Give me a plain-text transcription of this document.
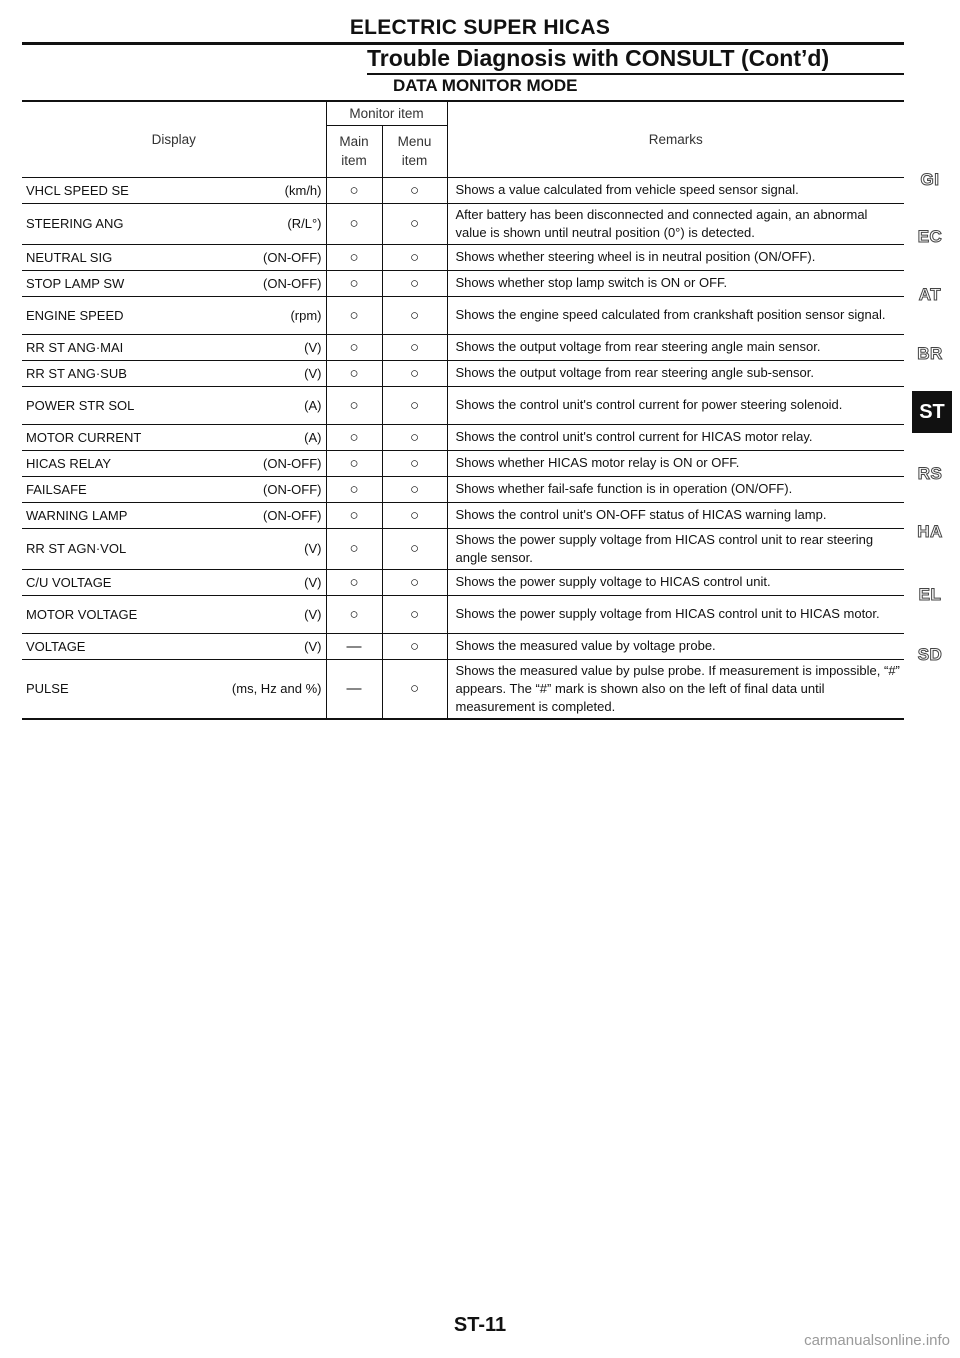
ELECTRIC SUPER HICAS
Trouble Diagnosis with CONSULT (Cont’d)
DATA MONITOR MODE
Display	Monitor item		Remarks
	Main item	Menu item	

VHCL SPEED SE (km/h)	○	○	Shows a value calculated from vehicle speed sensor signal.

STEERING ANG (R/L°)	○	○	After battery has been disconnected and connected again, an abnormal value is shown until neutral position (0°) is detected.

NEUTRAL SIG (ON-OFF)	○	○	Shows whether steering wheel is in neutral position (ON/OFF).

STOP LAMP SW (ON-OFF)	○	○	Shows whether stop lamp switch is ON or OFF.

ENGINE SPEED (rpm)	○	○	Shows the engine speed calculated from crankshaft position sensor signal.

RR ST ANG·MAI (V)	○	○	Shows the output voltage from rear steering angle main sensor.

RR ST ANG·SUB (V)	○	○	Shows the output voltage from rear steering angle sub-sensor.

POWER STR SOL (A)	○	○	Shows the control unit's control current for power steering solenoid.

MOTOR CURRENT (A)	○	○	Shows the control unit's control current for HICAS motor relay.

HICAS RELAY (ON-OFF)	○	○	Shows whether HICAS motor relay is ON or OFF.

FAILSAFE (ON-OFF)	○	○	Shows whether fail-safe function is in operation (ON/OFF).

WARNING LAMP (ON-OFF)	○	○	Shows the control unit's ON-OFF status of HICAS warning lamp.

RR ST AGN·VOL (V)	○	○	Shows the power supply voltage from HICAS control unit to rear steering angle sensor.

C/U VOLTAGE (V)	○	○	Shows the power supply voltage to HICAS control unit.

MOTOR VOLTAGE (V)	○	○	Shows the power supply voltage from HICAS control unit to HICAS motor.

VOLTAGE (V)	—	○	Shows the measured value by voltage probe.

PULSE (ms, Hz and %)	—	○	Shows the measured value by pulse probe. If measurement is impossible, “#” appears. The “#” mark is shown also on the left of final data until measurement is completed.
GI
EC
AT
BR
ST
RS
HA
EL
SD
ST-11
carmanualsonline.info
